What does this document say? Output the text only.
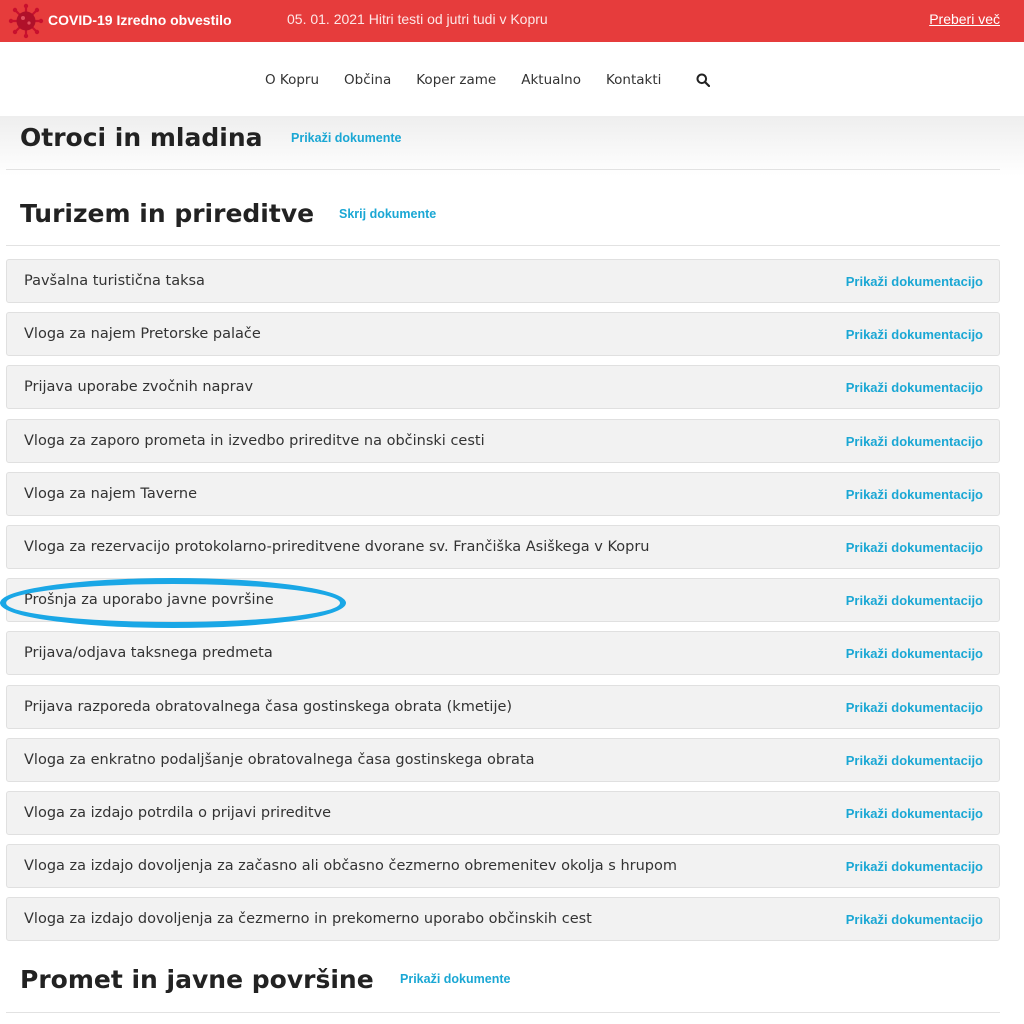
COVID-19 Izredno obvestilo	05. 01. 2021 Hitri testi od jutri tudi v Kopru	Preberi več
O Kopru Občina Koper zame Aktualno Kontakti
Otroci in mladina Prikaži dokumente
Turizem in prireditve Skrij dokumente
Pavšalna turistična taksa	Prikaži dokumentacijo
Vloga za najem Pretorske palače	Prikaži dokumentacijo
Prijava uporabe zvočnih naprav	Prikaži dokumentacijo
Vloga za zaporo prometa in izvedbo prireditve na občinski cesti	Prikaži dokumentacijo
Vloga za najem Taverne	Prikaži dokumentacijo
Vloga za rezervacijo protokolarno-prireditvene dvorane sv. Frančiška Asiškega v Kopru	Prikaži dokumentacijo
Prošnja za uporabo javne površine	Prikaži dokumentacijo
Prijava/odjava taksnega predmeta	Prikaži dokumentacijo
Prijava razporeda obratovalnega časa gostinskega obrata (kmetije)	Prikaži dokumentacijo
Vloga za enkratno podaljšanje obratovalnega časa gostinskega obrata	Prikaži dokumentacijo
Vloga za izdajo potrdila o prijavi prireditve	Prikaži dokumentacijo
Vloga za izdajo dovoljenja za začasno ali občasno čezmerno obremenitev okolja s hrupom	Prikaži dokumentacijo
Vloga za izdajo dovoljenja za čezmerno in prekomerno uporabo občinskih cest	Prikaži dokumentacijo
Promet in javne površine Prikaži dokumente
